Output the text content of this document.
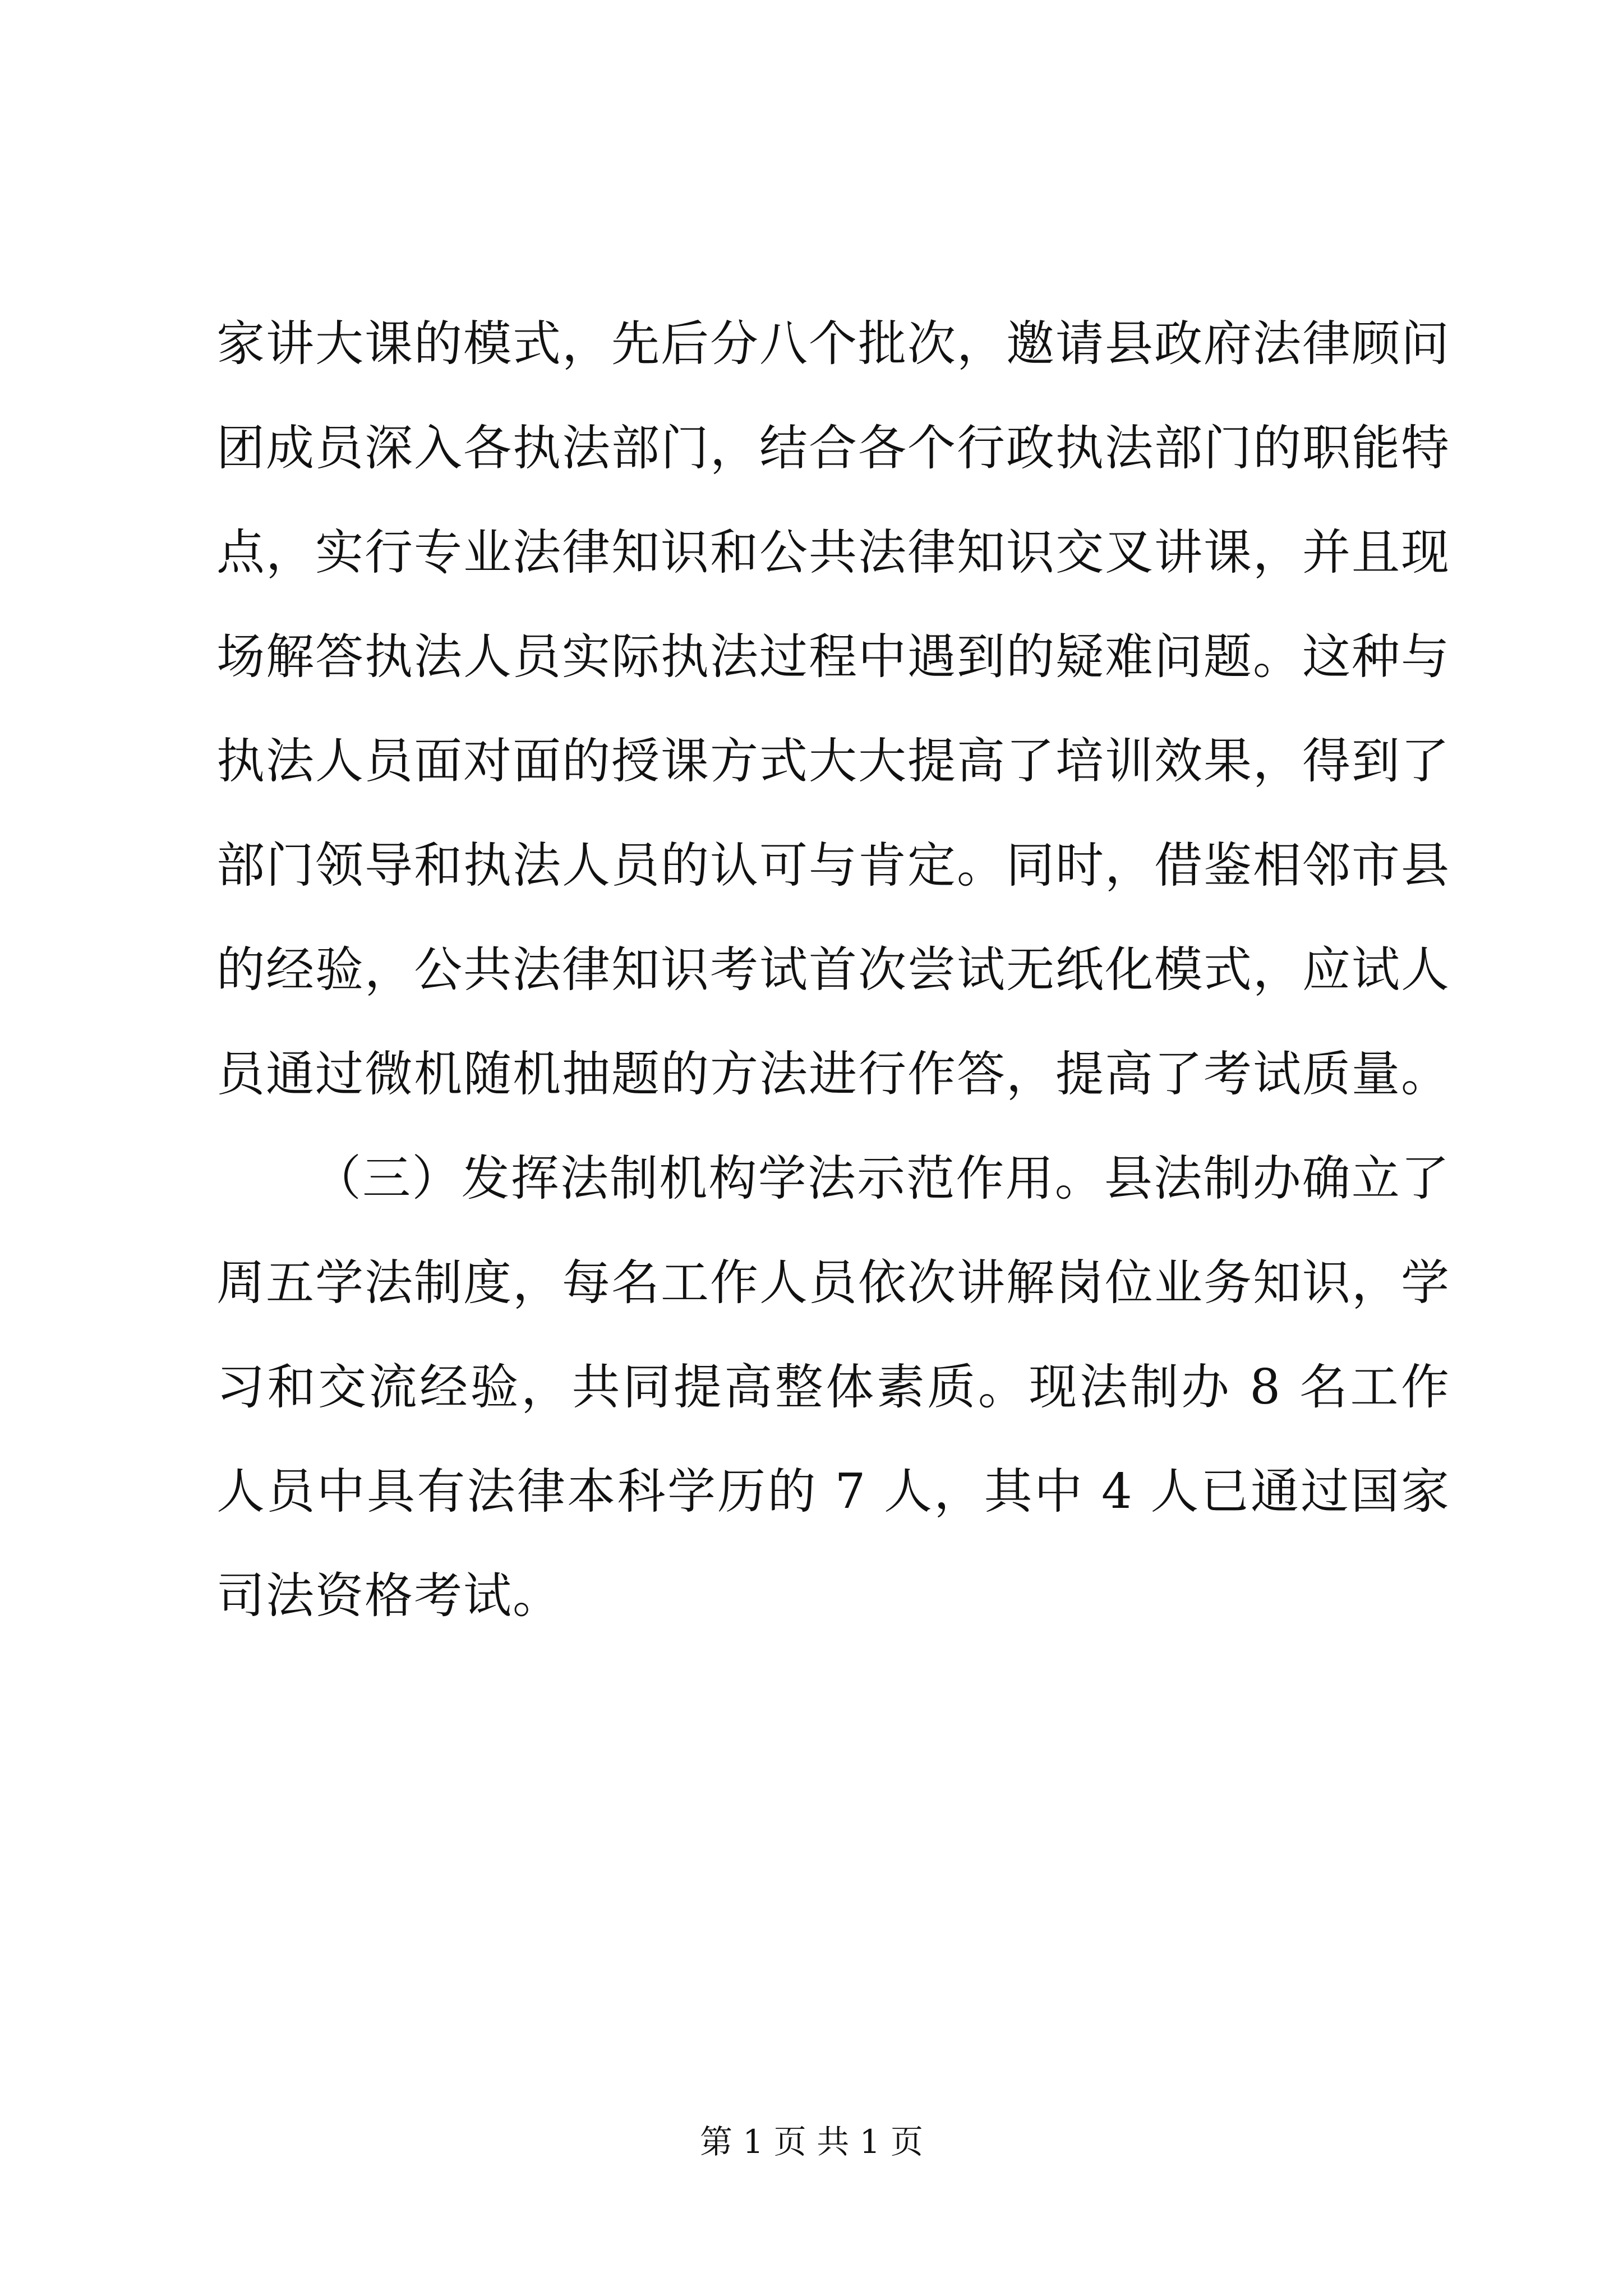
家讲大课的模式，先后分八个批次，邀请县政府法律顾问团成员深入各执法部门，结合各个行政执法部门的职能特点，实行专业法律知识和公共法律知识交叉讲课，并且现场解答执法人员实际执法过程中遇到的疑难问题。这种与执法人员面对面的授课方式大大提高了培训效果，得到了部门领导和执法人员的认可与肯定。同时，借鉴相邻市县的经验，公共法律知识考试首次尝试无纸化模式，应试人员通过微机随机抽题的方法进行作答，提高了考试质量。

（三）发挥法制机构学法示范作用。县法制办确立了周五学法制度，每名工作人员依次讲解岗位业务知识，学习和交流经验，共同提高整体素质。现法制办 8 名工作人员中具有法律本科学历的 7 人，其中 4 人已通过国家司法资格考试。

第 1 页 共 1 页
